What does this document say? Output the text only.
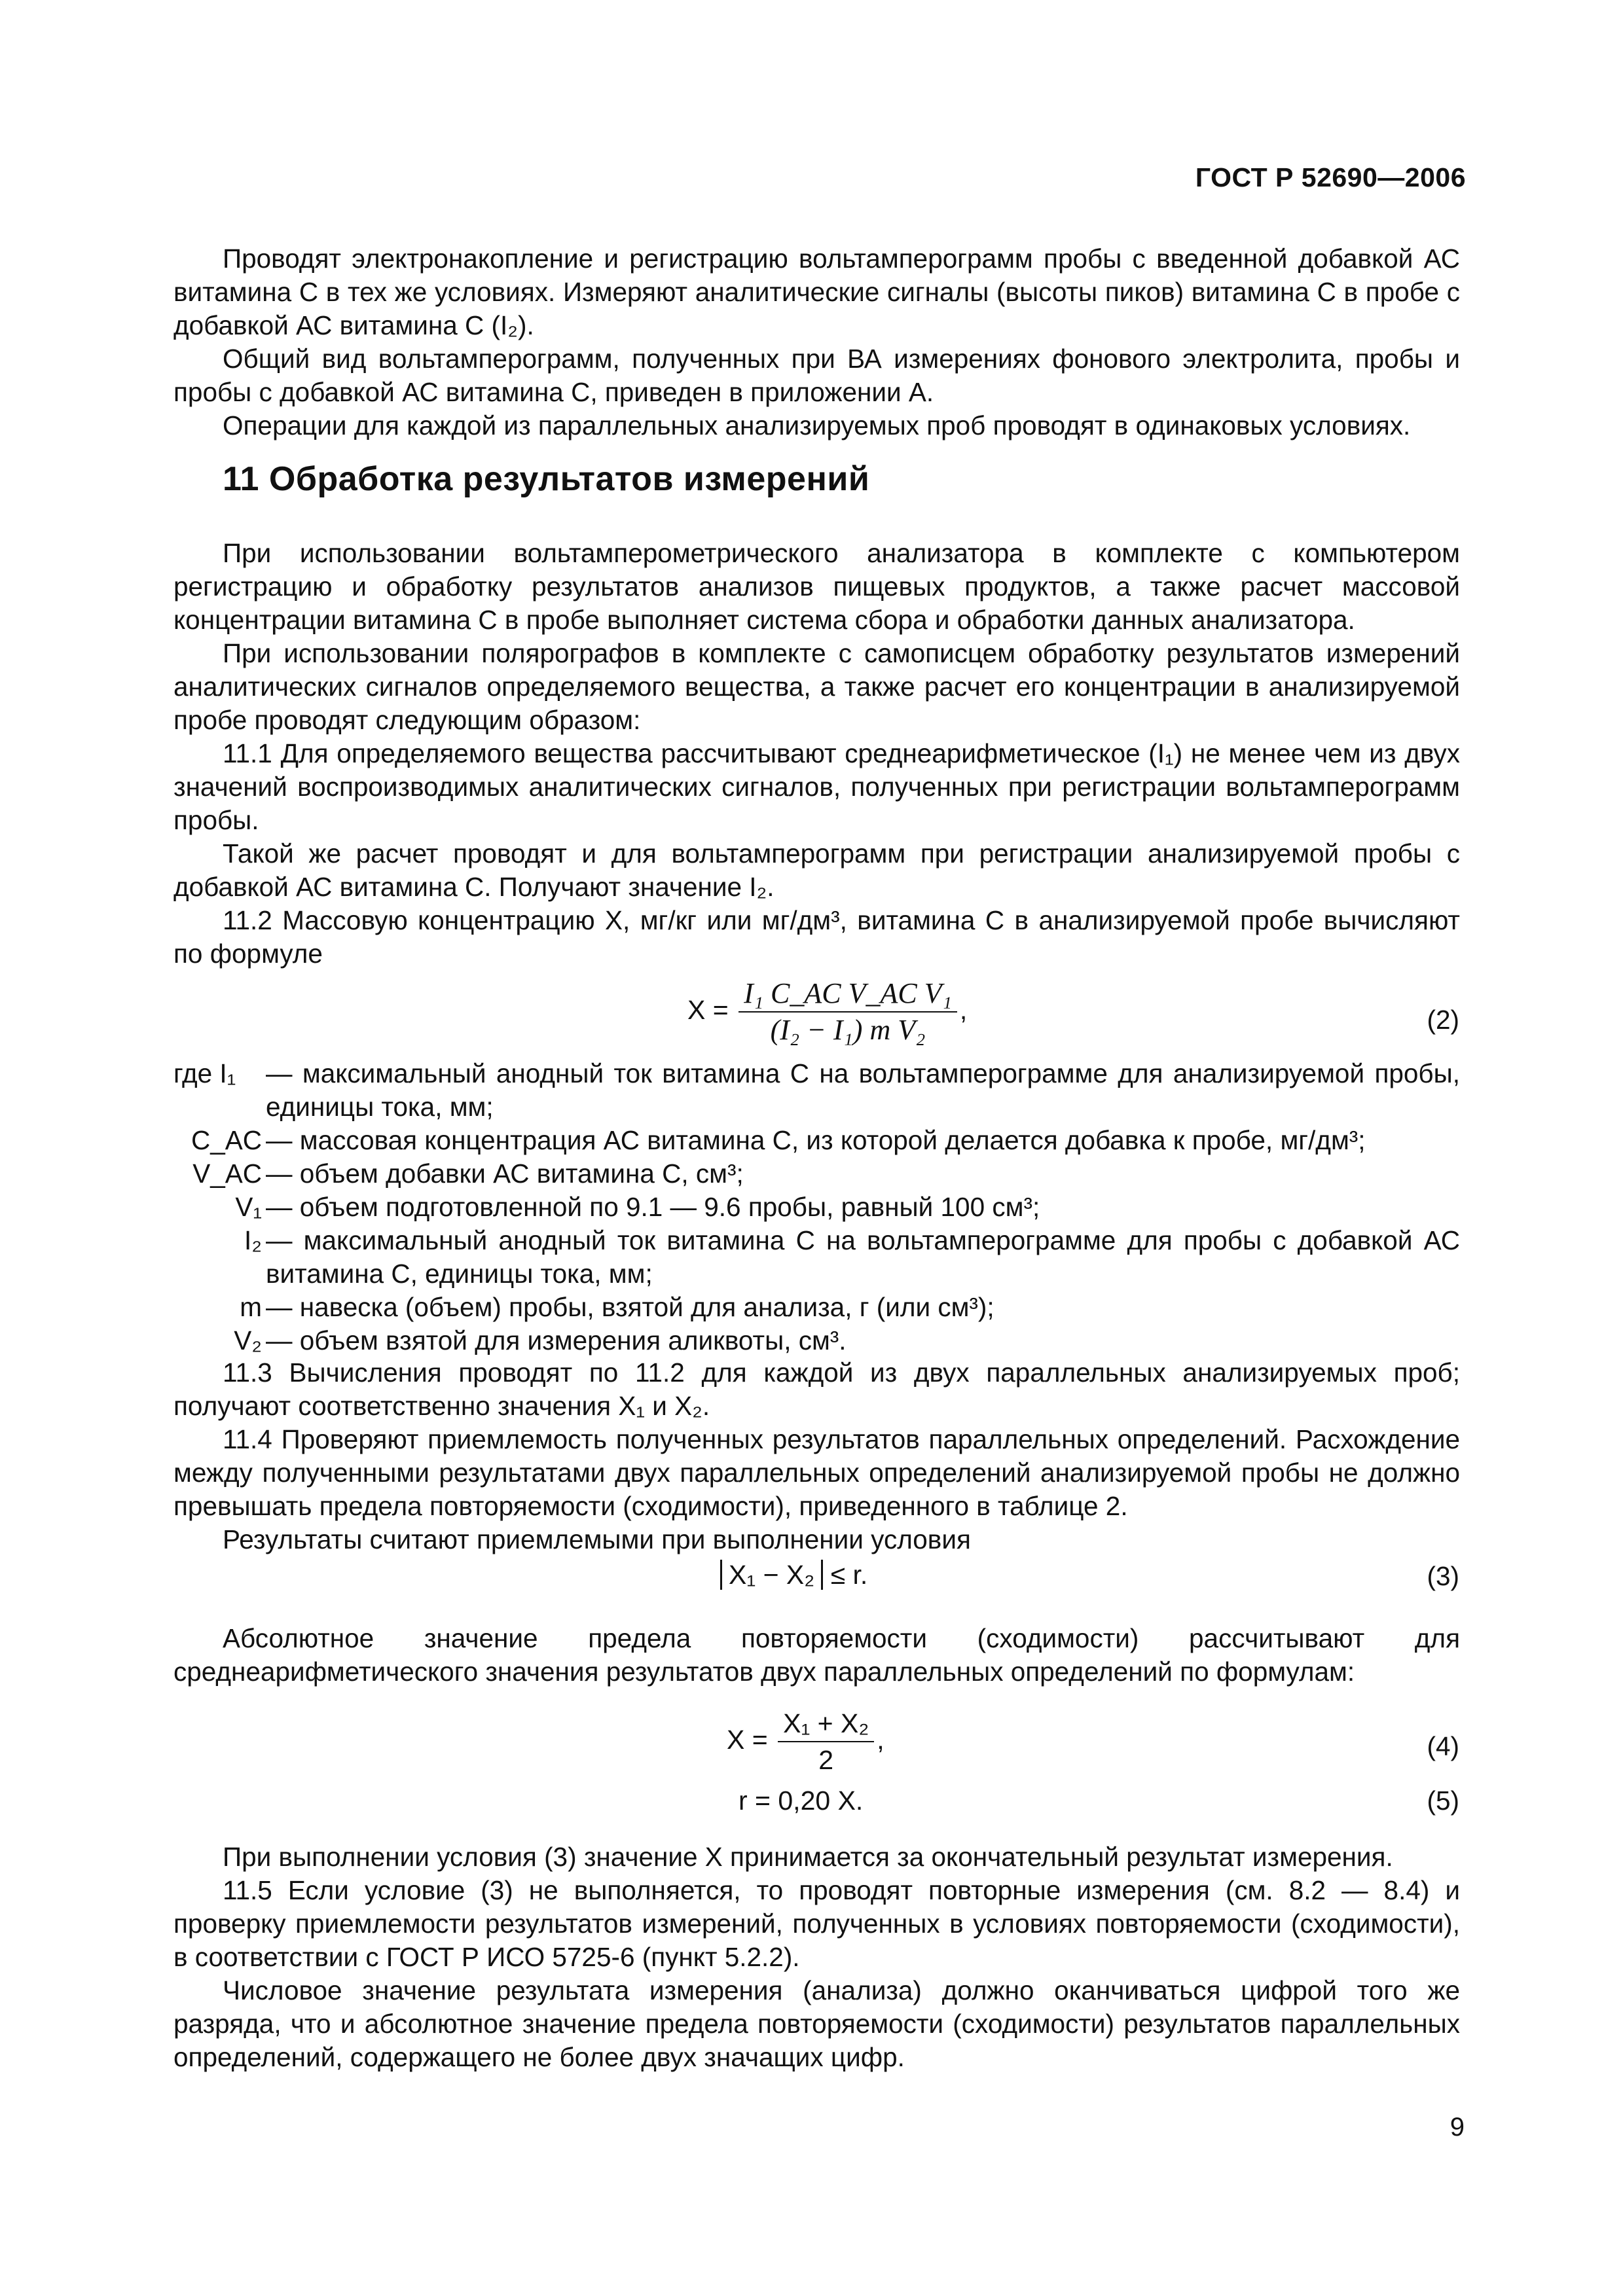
ГОСТ Р 52690—2006

Проводят электронакопление и регистрацию вольтамперограмм пробы с введенной добавкой АС витамина С в тех же условиях. Измеряют аналитические сигналы (высоты пиков) витамина С в пробе с добавкой АС витамина С (I₂).

Общий вид вольтамперограмм, полученных при ВА измерениях фонового электролита, пробы и пробы с добавкой АС витамина С, приведен в приложении А.

Операции для каждой из параллельных анализируемых проб проводят в одинаковых условиях.

11 Обработка результатов измерений

При использовании вольтамперометрического анализатора в комплекте с компьютером регистрацию и обработку результатов анализов пищевых продуктов, а также расчет массовой концентрации витамина С в пробе выполняет система сбора и обработки данных анализатора.

При использовании полярографов в комплекте с самописцем обработку результатов измерений аналитических сигналов определяемого вещества, а также расчет его концентрации в анализируемой пробе проводят следующим образом:

11.1 Для определяемого вещества рассчитывают среднеарифметическое (I₁) не менее чем из двух значений воспроизводимых аналитических сигналов, полученных при регистрации вольтамперограмм пробы.

Такой же расчет проводят и для вольтамперограмм при регистрации анализируемой пробы с добавкой АС витамина С. Получают значение I₂.

11.2 Массовую концентрацию X, мг/кг или мг/дм³, витамина С в анализируемой пробе вычисляют по формуле

$X = \frac{\text{I₁ C\_AC V\_AC V₁}}{\text{(I₂ − I₁) m V₂}}$ ,	(2)
где I₁	— максимальный анодный ток витамина С на вольтамперограмме для анализируемой пробы, единицы тока, мм;
C_AC — массовая концентрация АС витамина С, из которой делается добавка к пробе, мг/дм³;
V_AC — объем добавки АС витамина С, см³;
V₁ — объем подготовленной по 9.1 — 9.6 пробы, равный 100 см³;
I₂ — максимальный анодный ток витамина С на вольтамперограмме для пробы с добавкой АС витамина С, единицы тока, мм;
m — навеска (объем) пробы, взятой для анализа, г (или см³);
V₂ — объем взятой для измерения аликвоты, см³.

11.3 Вычисления проводят по 11.2 для каждой из двух параллельных анализируемых проб; получают соответственно значения X₁ и X₂.

11.4 Проверяют приемлемость полученных результатов параллельных определений. Расхождение между полученными результатами двух параллельных определений анализируемой пробы не должно превышать предела повторяемости (сходимости), приведенного в таблице 2.

Результаты считают приемлемыми при выполнении условия

X₁ − X₂ ≤ r.	(3)

Абсолютное значение предела повторяемости (сходимости) рассчитывают для среднеарифметического значения результатов двух параллельных определений по формулам:

$X = \frac{\text{X₁ + X₂}}{2}$ ,	(4)
r = 0,20 X.	(5)

При выполнении условия (3) значение X принимается за окончательный результат измерения.

11.5 Если условие (3) не выполняется, то проводят повторные измерения (см. 8.2 — 8.4) и проверку приемлемости результатов измерений, полученных в условиях повторяемости (сходимости), в соответствии с ГОСТ Р ИСО 5725-6 (пункт 5.2.2).

Числовое значение результата измерения (анализа) должно оканчиваться цифрой того же разряда, что и абсолютное значение предела повторяемости (сходимости) результатов параллельных определений, содержащего не более двух значащих цифр.

9
